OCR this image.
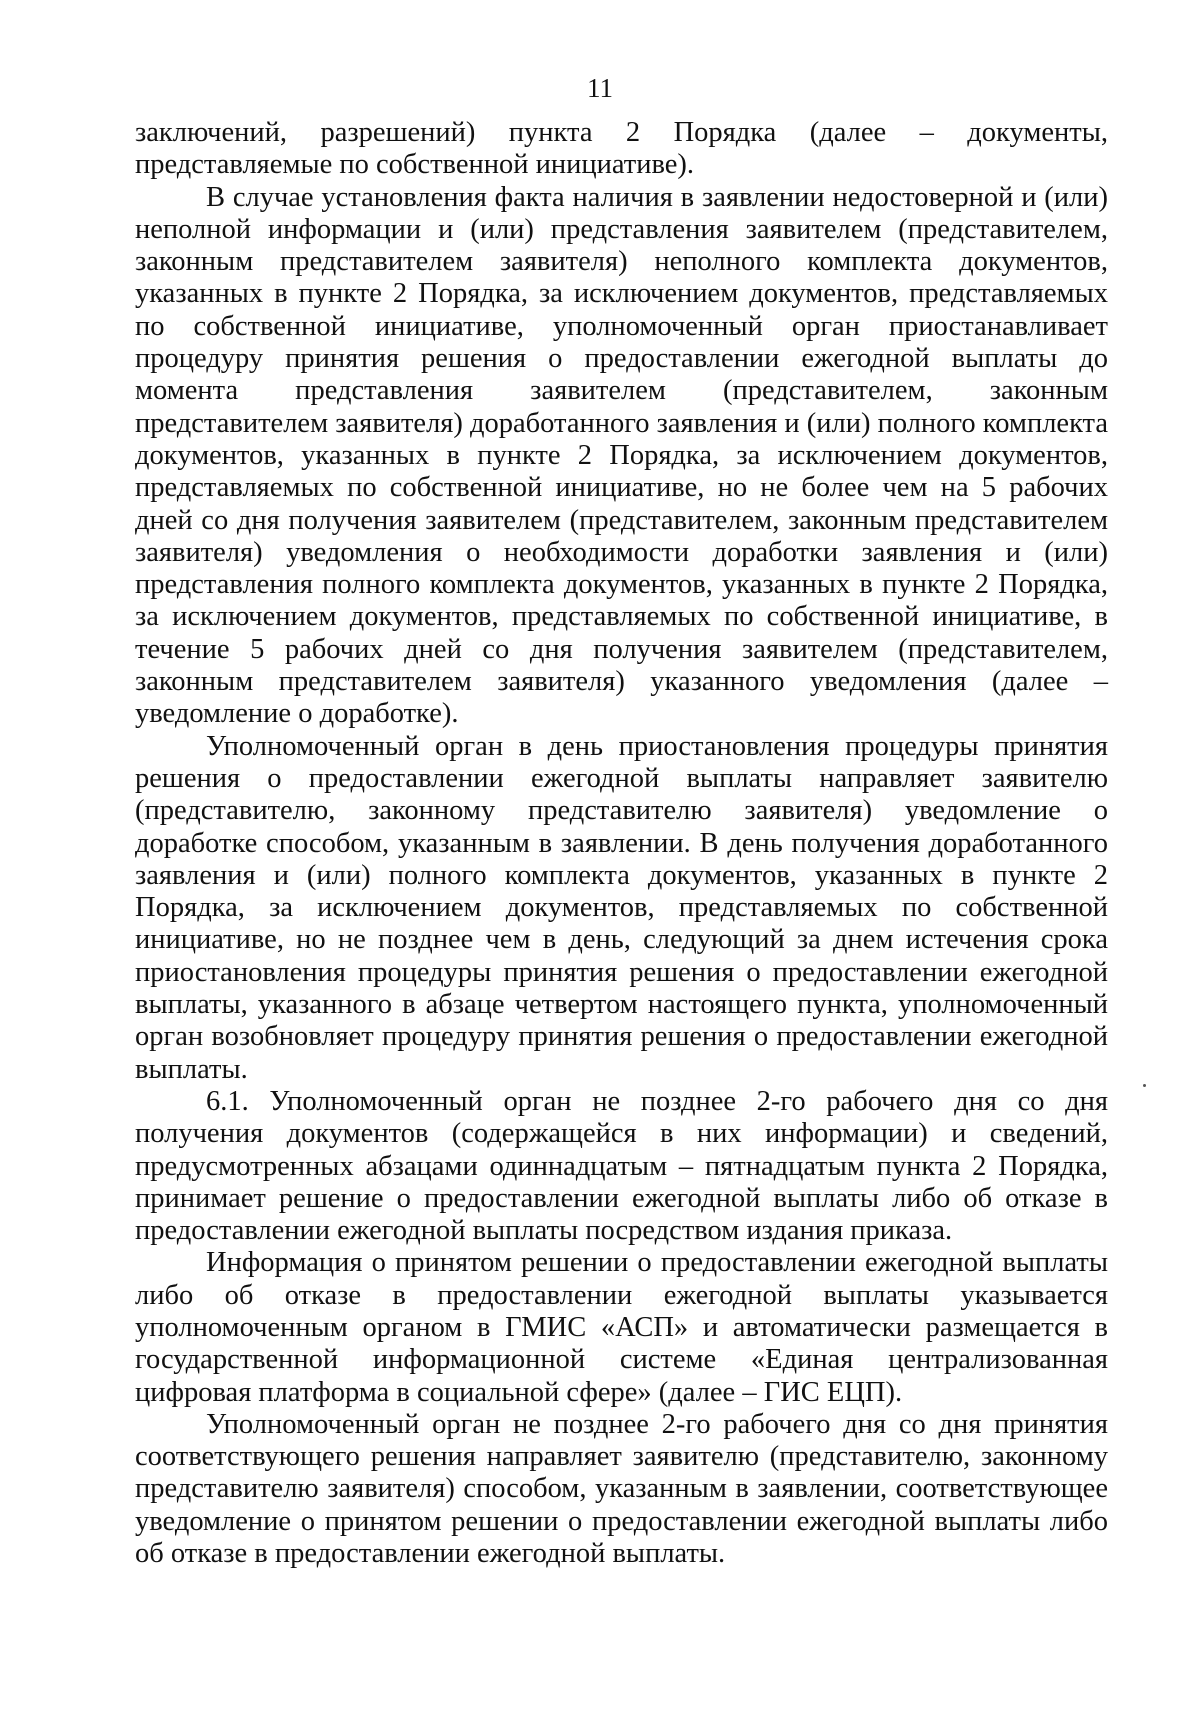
11

заключений, разрешений) пункта 2 Порядка (далее – документы, представляемые по собственной инициативе).

В случае установления факта наличия в заявлении недостоверной и (или) неполной информации и (или) представления заявителем (представителем, законным представителем заявителя) неполного комплекта документов, указанных в пункте 2 Порядка, за исключением документов, представляемых по собственной инициативе, уполномоченный орган приостанавливает процедуру принятия решения о предоставлении ежегодной выплаты до момента представления заявителем (представителем, законным представителем заявителя) доработанного заявления и (или) полного комплекта документов, указанных в пункте 2 Порядка, за исключением документов, представляемых по собственной инициативе, но не более чем на 5 рабочих дней со дня получения заявителем (представителем, законным представителем заявителя) уведомления о необходимости доработки заявления и (или) представления полного комплекта документов, указанных в пункте 2 Порядка, за исключением документов, представляемых по собственной инициативе, в течение 5 рабочих дней со дня получения заявителем (представителем, законным представителем заявителя) указанного уведомления (далее – уведомление о доработке).

Уполномоченный орган в день приостановления процедуры принятия решения о предоставлении ежегодной выплаты направляет заявителю (представителю, законному представителю заявителя) уведомление о доработке способом, указанным в заявлении. В день получения доработанного заявления и (или) полного комплекта документов, указанных в пункте 2 Порядка, за исключением документов, представляемых по собственной инициативе, но не позднее чем в день, следующий за днем истечения срока приостановления процедуры принятия решения о предоставлении ежегодной выплаты, указанного в абзаце четвертом настоящего пункта, уполномоченный орган возобновляет процедуру принятия решения о предоставлении ежегодной выплаты.

6.1. Уполномоченный орган не позднее 2-го рабочего дня со дня получения документов (содержащейся в них информации) и сведений, предусмотренных абзацами одиннадцатым – пятнадцатым пункта 2 Порядка, принимает решение о предоставлении ежегодной выплаты либо об отказе в предоставлении ежегодной выплаты посредством издания приказа.

Информация о принятом решении о предоставлении ежегодной выплаты либо об отказе в предоставлении ежегодной выплаты указывается уполномоченным органом в ГМИС «АСП» и автоматически размещается в государственной информационной системе «Единая централизованная цифровая платформа в социальной сфере» (далее – ГИС ЕЦП).

Уполномоченный орган не позднее 2-го рабочего дня со дня принятия соответствующего решения направляет заявителю (представителю, законному представителю заявителя) способом, указанным в заявлении, соответствующее уведомление о принятом решении о предоставлении ежегодной выплаты либо об отказе в предоставлении ежегодной выплаты.
